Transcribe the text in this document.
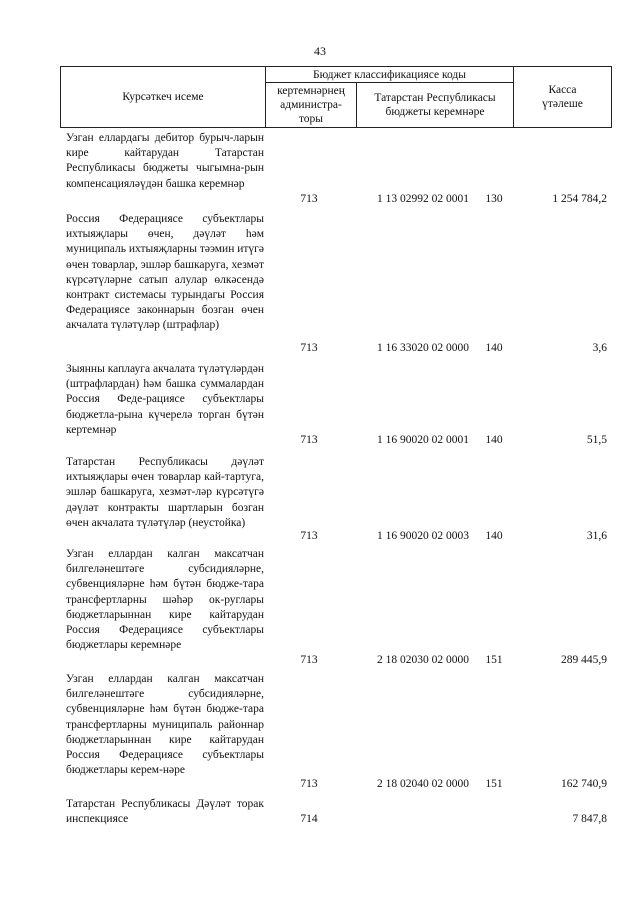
43
Курсәткеч исеме
Бюджет классификациясе коды
кертемнәрнең администра-торы
Татарстан Республикасы бюджеты керемнәре
Касса үтәлеше
Узган еллардагы дебитор бурыч-ларын кире кайтарудан Татарстан Республикасы бюджеты чыгымна-рын компенсацияләүдән башка керемнәр
713	1 13 02992 02 0001	130	1 254 784,2
Россия Федерациясе субъектлары ихтыяҗлары өчен, дәүләт һәм муниципаль ихтыяҗларны тәэмин итүгә өчен товарлар, эшләр башкаруга, хезмәт күрсәтүләрне сатып алулар өлкәсендә контракт системасы турындагы Россия Федерациясе законнарын бозган өчен акчалата түләтүләр (штрафлар)
713	1 16 33020 02 0000	140	3,6
Зыянны каплауга акчалата түләтүләрдән (штрафлардан) һәм башка суммалардан Россия Феде-рациясе субъектлары бюджетла-рына күчерелә торган бүтән кертемнәр
713	1 16 90020 02 0001	140	51,5
Татарстан Республикасы дәүләт ихтыяҗлары өчен товарлар кай-тартуга, эшләр башкаруга, хезмәт-ләр күрсәтүгә дәүләт контракты шартларын бозган өчен акчалата түләтүләр (неустойка)
713	1 16 90020 02 0003	140	31,6
Узган еллардан калган максатчан билгеләнештәге субсидияләрне, субвенцияләрне һәм бүтән бюдже-тара трансфертларны шәһәр ок-руглары бюджетларыннан кире кайтарудан Россия Федерациясе субъектлары бюджетлары керемнәре
713	2 18 02030 02 0000	151	289 445,9
Узган еллардан калган максатчан билгеләнештәге субсидияләрне, субвенцияләрне һәм бүтән бюдже-тара трансфертларны муниципаль районнар бюджетларыннан кире кайтарудан Россия Федерациясе субъектлары бюджетлары керем-нәре
713	2 18 02040 02 0000	151	162 740,9
Татарстан Республикасы Дәүләт торак инспекциясе	714	7 847,8
